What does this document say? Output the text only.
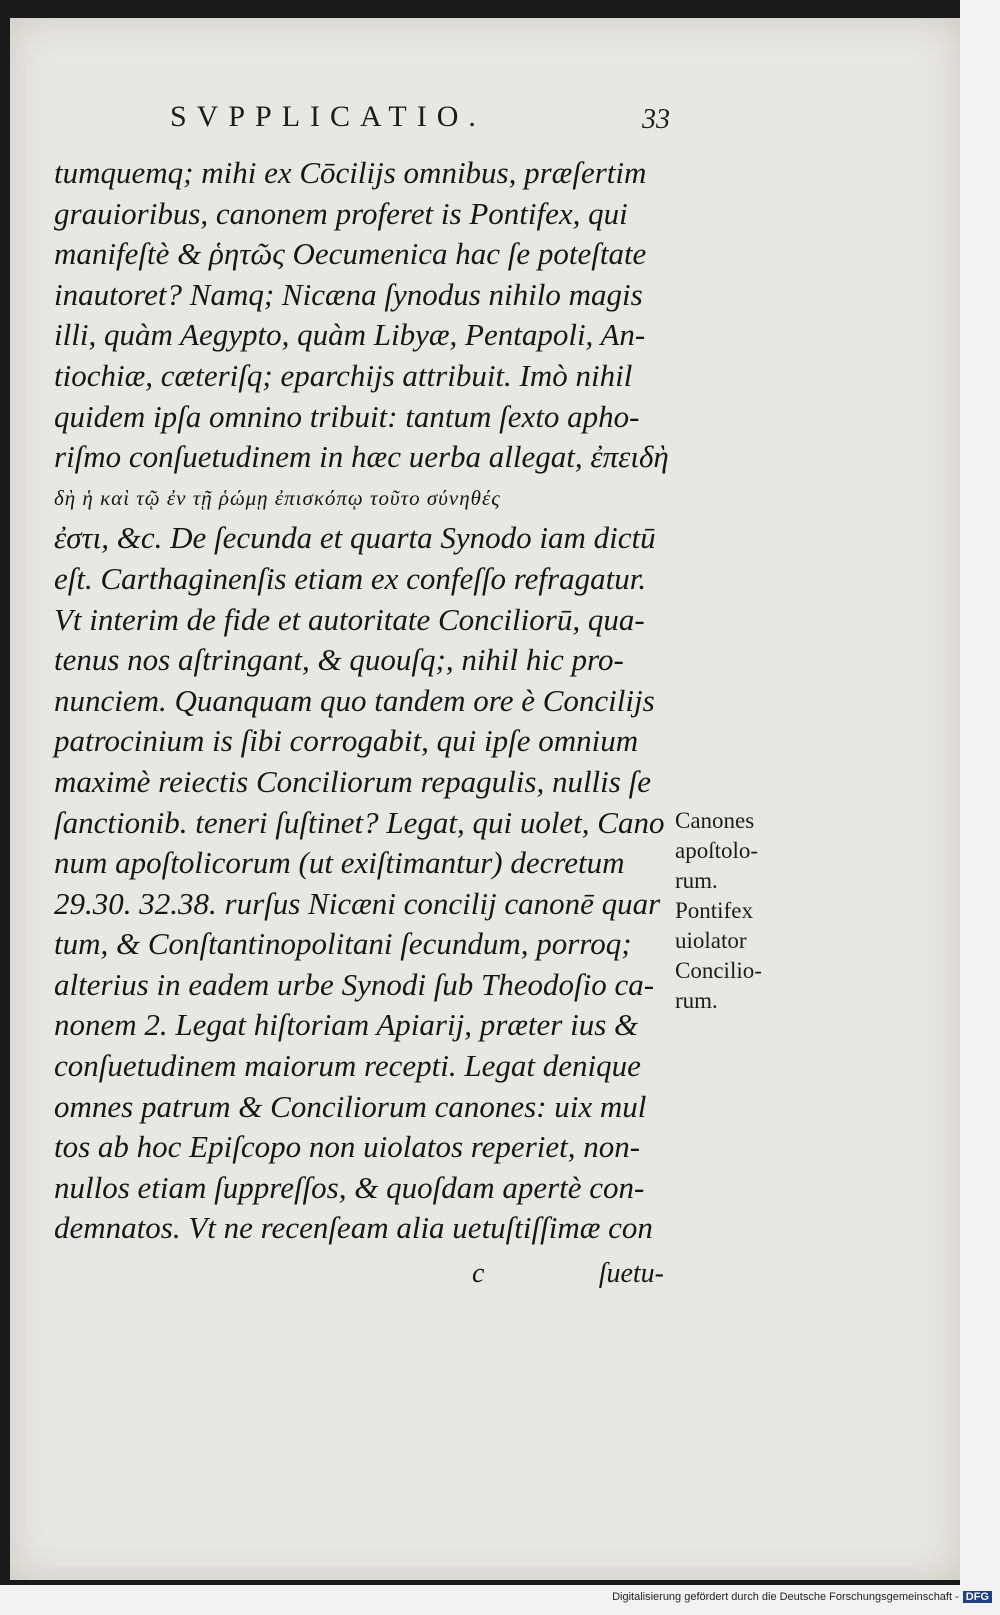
SVPPLICATIO.	33
tumquemq; mihi ex Cōcilijs omnibus, præſertim
grauioribus, canonem proferet is Pontifex, qui
manifeſtè & ῥητῶς Oecumenica hac ſe poteſtate
inautoret? Namq; Nicæna ſynodus nihilo magis
illi, quàm Aegypto, quàm Libyæ, Pentapoli, An-
tiochiæ, cæteriſq; eparchijs attribuit. Imò nihil
quidem ipſa omnino tribuit: tantum ſexto apho-
riſmo conſuetudinem in hæc uerba allegat, ἐπειδὴ
δὴ ἡ καὶ τῷ ἐν τῇ ῥώμῃ ἐπισκόπῳ τοῦτο σύνηθές
ἐστι, &c. De ſecunda et quarta Synodo iam dictū
eſt. Carthaginenſis etiam ex confeſſo refragatur.
Vt interim de fide et autoritate Conciliorū, qua-
tenus nos aſtringant, & quouſq;, nihil hic pro-
nunciem. Quanquam quo tandem ore è Concilijs
patrocinium is ſibi corrogabit, qui ipſe omnium
maximè reiectis Conciliorum repagulis, nullis ſe
ſanctionib. teneri ſuſtinet? Legat, qui uolet, Cano
num apoſtolicorum (ut exiſtimantur) decretum
29.30. 32.38. rurſus Nicæni concilij canonē quar
tum, & Conſtantinopolitani ſecundum, porroq;
alterius in eadem urbe Synodi ſub Theodoſio ca-
nonem 2. Legat hiſtoriam Apiarij, præter ius &
conſuetudinem maiorum recepti. Legat denique
omnes patrum & Conciliorum canones: uix mul
tos ab hoc Epiſcopo non uiolatos reperiet, non-
nullos etiam ſuppreſſos, & quoſdam apertè con-
demnatos. Vt ne recenſeam alia uetuſtiſſimæ con
Canones
apoſtolo-
rum.
Pontifex
uiolator
Concilio-
rum.
c	ſuetu-
Digitalisierung gefördert durch die Deutsche Forschungsgemeinschaft - DFG
